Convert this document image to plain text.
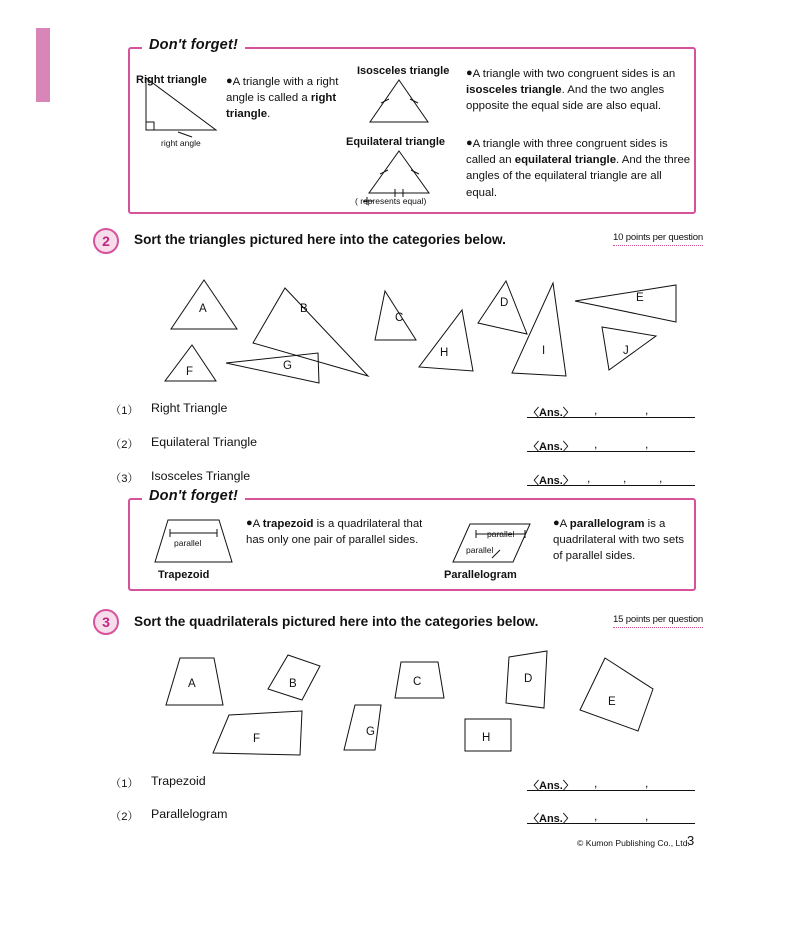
Don't forget!
Right triangle
right angle
Isosceles triangle
Equilateral triangle
( represents equal)
●A triangle with a right angle is called a right triangle.
●A triangle with two congruent sides is an isosceles triangle. And the two angles opposite the equal side are also equal.
●A triangle with three congruent sides is called an equilateral triangle. And the three angles of the equilateral triangle are all equal.
2	Sort the triangles pictured here into the categories below.	10 points per question
A	B
C
D	E
F	G
H	I	J
（1） Right Triangle	〈Ans.〉 ,	,
（2） Equilateral Triangle	〈Ans.〉 ,	,
（3） Isosceles Triangle	〈Ans.〉 ,	,	,
Don't forget!
Trapezoid
parallel
Parallelogram
parallel
parallel
●A trapezoid is a quadrilateral that has only one pair of parallel sides.
●A parallelogram is a quadrilateral with two sets of parallel sides.
3	Sort the quadrilaterals pictured here into the categories below.	15 points per question
A	B	C	D
E
F
G	H
（1） Trapezoid	〈Ans.〉 ,	,
（2） Parallelogram	〈Ans.〉 ,	,
© Kumon Publishing Co., Ltd.
3
